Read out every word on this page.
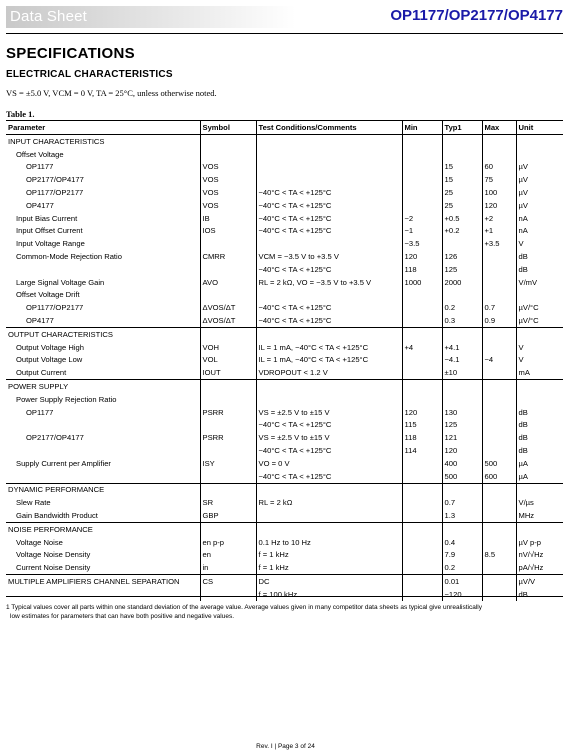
Data Sheet	OP1177/OP2177/OP4177
SPECIFICATIONS
ELECTRICAL CHARACTERISTICS
VS = ±5.0 V, VCM = 0 V, TA = 25°C, unless otherwise noted.
Table 1.
Parameter	Symbol	Test Conditions/Comments	Min	Typ1	Max	Unit
INPUT CHARACTERISTICS						
Offset Voltage						
OP1177	VOS			15	60	µV
OP2177/OP4177	VOS			15	75	µV
OP1177/OP2177	VOS	−40°C < TA < +125°C		25	100	µV
OP4177	VOS	−40°C < TA < +125°C		25	120	µV
Input Bias Current	IB	−40°C < TA < +125°C	−2	+0.5	+2	nA
Input Offset Current	IOS	−40°C < TA < +125°C	−1	+0.2	+1	nA
Input Voltage Range			−3.5		+3.5	V
Common-Mode Rejection Ratio	CMRR	VCM = −3.5 V to +3.5 V	120	126		dB
		−40°C < TA < +125°C	118	125		dB
Large Signal Voltage Gain	AVO	RL = 2 kΩ, VO = −3.5 V to +3.5 V	1000	2000		V/mV
Offset Voltage Drift						
OP1177/OP2177	ΔVOS/ΔT	−40°C < TA < +125°C		0.2	0.7	µV/°C
OP4177	ΔVOS/ΔT	−40°C < TA < +125°C		0.3	0.9	µV/°C
OUTPUT CHARACTERISTICS						
Output Voltage High	VOH	IL = 1 mA, −40°C < TA < +125°C	+4	+4.1		V
Output Voltage Low	VOL	IL = 1 mA, −40°C < TA < +125°C		−4.1	−4	V
Output Current	IOUT	VDROPOUT < 1.2 V		±10		mA
POWER SUPPLY						
Power Supply Rejection Ratio						
OP1177	PSRR	VS = ±2.5 V to ±15 V	120	130		dB
		−40°C < TA < +125°C	115	125		dB
OP2177/OP4177	PSRR	VS = ±2.5 V to ±15 V	118	121		dB
		−40°C < TA < +125°C	114	120		dB
Supply Current per Amplifier	ISY	VO = 0 V		400	500	µA
		−40°C < TA < +125°C		500	600	µA
DYNAMIC PERFORMANCE						
Slew Rate	SR	RL = 2 kΩ		0.7		V/µs
Gain Bandwidth Product	GBP			1.3		MHz
NOISE PERFORMANCE						
Voltage Noise	en p-p	0.1 Hz to 10 Hz		0.4		µV p-p
Voltage Noise Density	en	f = 1 kHz		7.9	8.5	nV/√Hz
Current Noise Density	in	f = 1 kHz		0.2		pA/√Hz
MULTIPLE AMPLIFIERS CHANNEL SEPARATION	CS	DC		0.01		µV/V
		f = 100 kHz		−120		dB
1 Typical values cover all parts within one standard deviation of the average value. Average values given in many competitor data sheets as typical give unrealistically
low estimates for parameters that can have both positive and negative values.
Rev. I | Page 3 of 24
